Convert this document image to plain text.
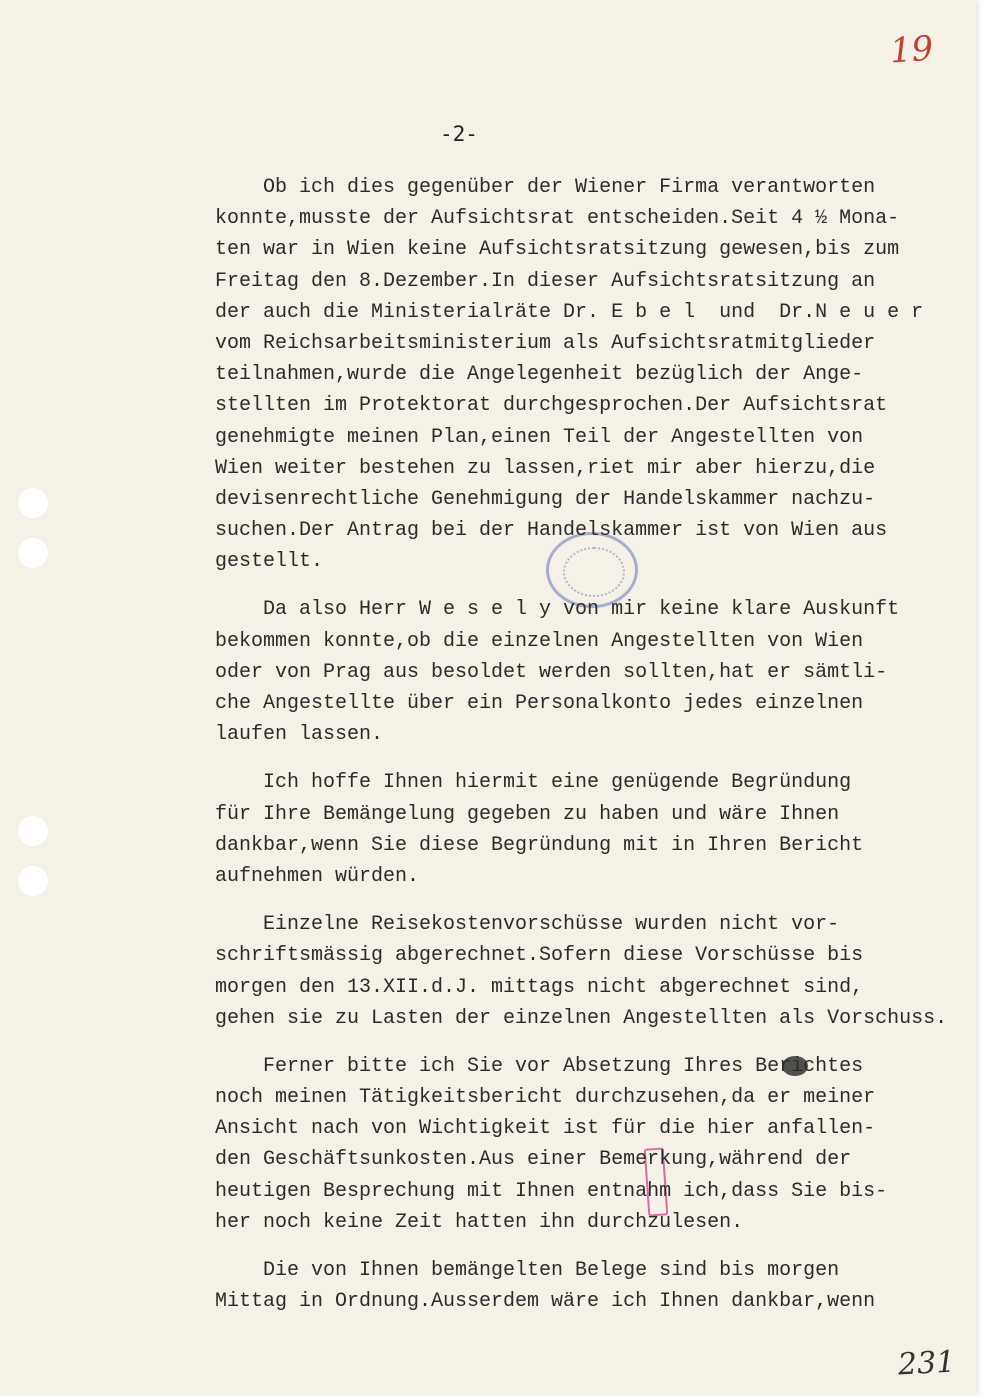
19
-2-
Ob ich dies gegenüber der Wiener Firma verantworten
konnte,musste der Aufsichtsrat entscheiden.Seit 4 ½ Mona-
ten war in Wien keine Aufsichtsratsitzung gewesen,bis zum
Freitag den 8.Dezember.In dieser Aufsichtsratsitzung an
der auch die Ministerialräte Dr. E b e l  und  Dr.N e u e r
vom Reichsarbeitsministerium als Aufsichtsratmitglieder
teilnahmen,wurde die Angelegenheit bezüglich der Ange-
stellten im Protektorat durchgesprochen.Der Aufsichtsrat
genehmigte meinen Plan,einen Teil der Angestellten von
Wien weiter bestehen zu lassen,riet mir aber hierzu,die
devisenrechtliche Genehmigung der Handelskammer nachzu-
suchen.Der Antrag bei der Handelskammer ist von Wien aus
gestellt.
Da also Herr W e s e l y von mir keine klare Auskunft
bekommen konnte,ob die einzelnen Angestellten von Wien
oder von Prag aus besoldet werden sollten,hat er sämtli-
che Angestellte über ein Personalkonto jedes einzelnen
laufen lassen.
Ich hoffe Ihnen hiermit eine genügende Begründung
für Ihre Bemängelung gegeben zu haben und wäre Ihnen
dankbar,wenn Sie diese Begründung mit in Ihren Bericht
aufnehmen würden.
Einzelne Reisekostenvorschüsse wurden nicht vor-
schriftsmässig abgerechnet.Sofern diese Vorschüsse bis
morgen den 13.XII.d.J. mittags nicht abgerechnet sind,
gehen sie zu Lasten der einzelnen Angestellten als Vorschuss.
Ferner bitte ich Sie vor Absetzung Ihres Berichtes
noch meinen Tätigkeitsbericht durchzusehen,da er meiner
Ansicht nach von Wichtigkeit ist für die hier anfallen-
den Geschäftsunkosten.Aus einer Bemerkung,während der
heutigen Besprechung mit Ihnen entnahm ich,dass Sie bis-
her noch keine Zeit hatten ihn durchzulesen.
Die von Ihnen bemängelten Belege sind bis morgen
Mittag in Ordnung.Ausserdem wäre ich Ihnen dankbar,wenn
231
